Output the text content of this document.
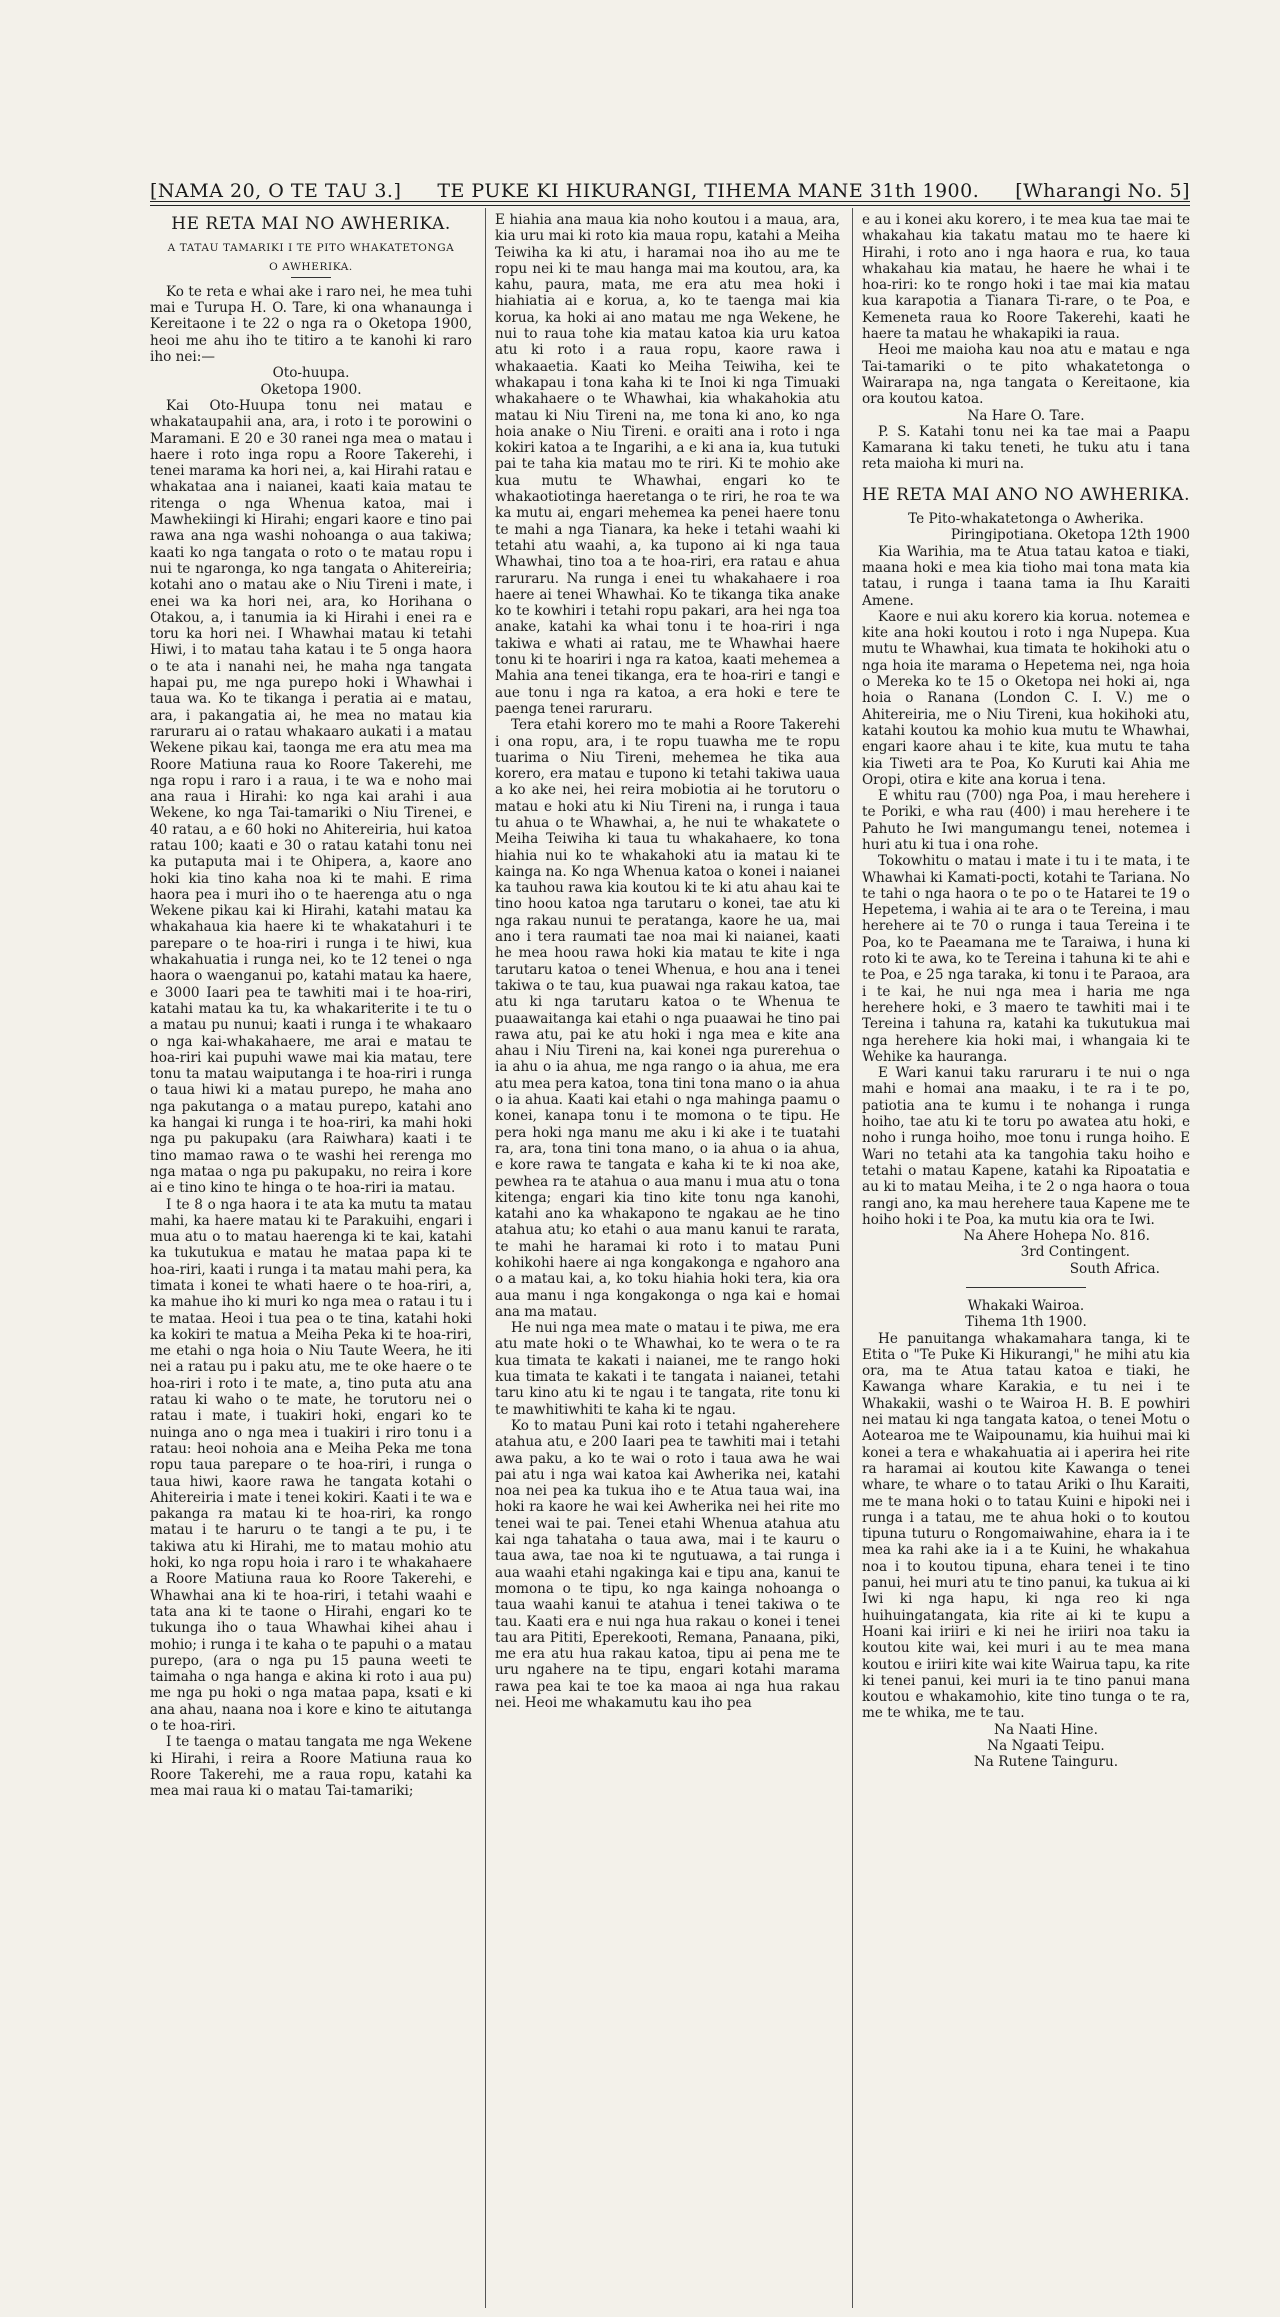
[NAMA 20, O TE TAU 3.] TE PUKE KI HIKURANGI, TIHEMA MANE 31th 1900. [Wharangi No. 5]
HE RETA MAI NO AWHERIKA.
A TATAU TAMARIKI I TE PITO WHAKATETONGA
O AWHERIKA.

Ko te reta e whai ake i raro nei, he mea tuhi mai e Turupa H. O. Tare, ki ona whanaunga i Kereitaone i te 22 o nga ra o Oketopa 1900, heoi me ahu iho te titiro a te kanohi ki raro iho nei:—

Oto-huupa.

Oketopa 1900.

Kai Oto-Huupa tonu nei matau e whakataupahii ana, ara, i roto i te porowini o Maramani. E 20 e 30 ranei nga mea o matau i haere i roto inga ropu a Roore Takerehi, i tenei marama ka hori nei, a, kai Hirahi ratau e whakataa ana i naianei, kaati kaia matau te ritenga o nga Whenua katoa, mai i Mawhekiingi ki Hirahi; engari kaore e tino pai rawa ana nga washi nohoanga o aua takiwa; kaati ko nga tangata o roto o te matau ropu i nui te ngaronga, ko nga tangata o Ahitereiria; kotahi ano o matau ake o Niu Tireni i mate, i enei wa ka hori nei, ara, ko Horihana o Otakou, a, i tanumia ia ki Hirahi i enei ra e toru ka hori nei. I Whawhai matau ki tetahi Hiwi, i to matau taha katau i te 5 onga haora o te ata i nanahi nei, he maha nga tangata hapai pu, me nga purepo hoki i Whawhai i taua wa. Ko te tikanga i peratia ai e matau, ara, i pakangatia ai, he mea no matau kia raruraru ai o ratau whakaaro aukati i a matau Wekene pikau kai, taonga me era atu mea ma Roore Matiuna raua ko Roore Takerehi, me nga ropu i raro i a raua, i te wa e noho mai ana raua i Hirahi: ko nga kai arahi i aua Wekene, ko nga Tai-tamariki o Niu Tirenei, e 40 ratau, a e 60 hoki no Ahitereiria, hui katoa ratau 100; kaati e 30 o ratau katahi tonu nei ka putaputa mai i te Ohipera, a, kaore ano hoki kia tino kaha noa ki te mahi. E rima haora pea i muri iho o te haerenga atu o nga Wekene pikau kai ki Hirahi, katahi matau ka whakahaua kia haere ki te whakatahuri i te parepare o te hoa-riri i runga i te hiwi, kua whakahuatia i runga nei, ko te 12 tenei o nga haora o waenganui po, katahi matau ka haere, e 3000 Iaari pea te tawhiti mai i te hoa-riri, katahi matau ka tu, ka whakariterite i te tu o a matau pu nunui; kaati i runga i te whakaaro o nga kai-whakahaere, me arai e matau te hoa-riri kai pupuhi wawe mai kia matau, tere tonu ta matau waiputanga i te hoa-riri i runga o taua hiwi ki a matau purepo, he maha ano nga pakutanga o a matau purepo, katahi ano ka hangai ki runga i te hoa-riri, ka mahi hoki nga pu pakupaku (ara Raiwhara) kaati i te tino mamao rawa o te washi hei rerenga mo nga mataa o nga pu pakupaku, no reira i kore ai e tino kino te hinga o te hoa-riri ia matau.

I te 8 o nga haora i te ata ka mutu ta matau mahi, ka haere matau ki te Parakuihi, engari i mua atu o to matau haerenga ki te kai, katahi ka tukutukua e matau he mataa papa ki te hoa-riri, kaati i runga i ta matau mahi pera, ka timata i konei te whati haere o te hoa-riri, a, ka mahue iho ki muri ko nga mea o ratau i tu i te mataa. Heoi i tua pea o te tina, katahi hoki ka kokiri te matua a Meiha Peka ki te hoa-riri, me etahi o nga hoia o Niu Taute Weera, he iti nei a ratau pu i paku atu, me te oke haere o te hoa-riri i roto i te mate, a, tino puta atu ana ratau ki waho o te mate, he torutoru nei o ratau i mate, i tuakiri hoki, engari ko te nuinga ano o nga mea i tuakiri i riro tonu i a ratau: heoi nohoia ana e Meiha Peka me tona ropu taua parepare o te hoa-riri, i runga o taua hiwi, kaore rawa he tangata kotahi o Ahitereiria i mate i tenei kokiri. Kaati i te wa e pakanga ra matau ki te hoa-riri, ka rongo matau i te haruru o te tangi a te pu, i te takiwa atu ki Hirahi, me to matau mohio atu hoki, ko nga ropu hoia i raro i te whakahaere a Roore Matiuna raua ko Roore Takerehi, e Whawhai ana ki te hoa-riri, i tetahi waahi e tata ana ki te taone o Hirahi, engari ko te tukunga iho o taua Whawhai kihei ahau i mohio; i runga i te kaha o te papuhi o a matau purepo, (ara o nga pu 15 pauna weeti te taimaha o nga hanga e akina ki roto i aua pu) me nga pu hoki o nga mataa papa, ksati e ki ana ahau, naana noa i kore e kino te aitutanga o te hoa-riri.

I te taenga o matau tangata me nga Wekene ki Hirahi, i reira a Roore Matiuna raua ko Roore Takerehi, me a raua ropu, katahi ka mea mai raua ki o matau Tai-tamariki;

E hiahia ana maua kia noho koutou i a maua, ara, kia uru mai ki roto kia maua ropu, katahi a Meiha Teiwiha ka ki atu, i haramai noa iho au me te ropu nei ki te mau hanga mai ma koutou, ara, ka kahu, paura, mata, me era atu mea hoki i hiahiatia ai e korua, a, ko te taenga mai kia korua, ka hoki ai ano matau me nga Wekene, he nui to raua tohe kia matau katoa kia uru katoa atu ki roto i a raua ropu, kaore rawa i whakaaetia. Kaati ko Meiha Teiwiha, kei te whakapau i tona kaha ki te Inoi ki nga Timuaki whakahaere o te Whawhai, kia whakahokia atu matau ki Niu Tireni na, me tona ki ano, ko nga hoia anake o Niu Tireni. e oraiti ana i roto i nga kokiri katoa a te Ingarihi, a e ki ana ia, kua tutuki pai te taha kia matau mo te riri. Ki te mohio ake kua mutu te Whawhai, engari ko te whakaotiotinga haeretanga o te riri, he roa te wa ka mutu ai, engari mehemea ka penei haere tonu te mahi a nga Tianara, ka heke i tetahi waahi ki tetahi atu waahi, a, ka tupono ai ki nga taua Whawhai, tino toa a te hoa-riri, era ratau e ahua raruraru. Na runga i enei tu whakahaere i roa haere ai tenei Whawhai. Ko te tikanga tika anake ko te kowhiri i tetahi ropu pakari, ara hei nga toa anake, katahi ka whai tonu i te hoa-riri i nga takiwa e whati ai ratau, me te Whawhai haere tonu ki te hoariri i nga ra katoa, kaati mehemea a Mahia ana tenei tikanga, era te hoa-riri e tangi e aue tonu i nga ra katoa, a era hoki e tere te paenga tenei raruraru.

Tera etahi korero mo te mahi a Roore Takerehi i ona ropu, ara, i te ropu tuawha me te ropu tuarima o Niu Tireni, mehemea he tika aua korero, era matau e tupono ki tetahi takiwa uaua a ko ake nei, hei reira mobiotia ai he torutoru o matau e hoki atu ki Niu Tireni na, i runga i taua tu ahua o te Whawhai, a, he nui te whakatete o Meiha Teiwiha ki taua tu whakahaere, ko tona hiahia nui ko te whakahoki atu ia matau ki te kainga na. Ko nga Whenua katoa o konei i naianei ka tauhou rawa kia koutou ki te ki atu ahau kai te tino hoou katoa nga tarutaru o konei, tae atu ki nga rakau nunui te peratanga, kaore he ua, mai ano i tera raumati tae noa mai ki naianei, kaati he mea hoou rawa hoki kia matau te kite i nga tarutaru katoa o tenei Whenua, e hou ana i tenei takiwa o te tau, kua puawai nga rakau katoa, tae atu ki nga tarutaru katoa o te Whenua te puaawaitanga kai etahi o nga puaawai he tino pai rawa atu, pai ke atu hoki i nga mea e kite ana ahau i Niu Tireni na, kai konei nga purerehua o ia ahu o ia ahua, me nga rango o ia ahua, me era atu mea pera katoa, tona tini tona mano o ia ahua o ia ahua. Kaati kai etahi o nga mahinga paamu o konei, kanapa tonu i te momona o te tipu. He pera hoki nga manu me aku i ki ake i te tuatahi ra, ara, tona tini tona mano, o ia ahua o ia ahua, e kore rawa te tangata e kaha ki te ki noa ake, pewhea ra te atahua o aua manu i mua atu o tona kitenga; engari kia tino kite tonu nga kanohi, katahi ano ka whakapono te ngakau ae he tino atahua atu; ko etahi o aua manu kanui te rarata, te mahi he haramai ki roto i to matau Puni kohikohi haere ai nga kongakonga e ngahoro ana o a matau kai, a, ko toku hiahia hoki tera, kia ora aua manu i nga kongakonga o nga kai e homai ana ma matau.

He nui nga mea mate o matau i te piwa, me era atu mate hoki o te Whawhai, ko te wera o te ra kua timata te kakati i naianei, me te rango hoki kua timata te kakati i te tangata i naianei, tetahi taru kino atu ki te ngau i te tangata, rite tonu ki te mawhitiwhiti te kaha ki te ngau.

Ko to matau Puni kai roto i tetahi ngaherehere atahua atu, e 200 Iaari pea te tawhiti mai i tetahi awa paku, a ko te wai o roto i taua awa he wai pai atu i nga wai katoa kai Awherika nei, katahi noa nei pea ka tukua iho e te Atua taua wai, ina hoki ra kaore he wai kei Awherika nei hei rite mo tenei wai te pai. Tenei etahi Whenua atahua atu kai nga tahataha o taua awa, mai i te kauru o taua awa, tae noa ki te ngutuawa, a tai runga i aua waahi etahi ngakinga kai e tipu ana, kanui te momona o te tipu, ko nga kainga nohoanga o taua waahi kanui te atahua i tenei takiwa o te tau. Kaati era e nui nga hua rakau o konei i tenei tau ara Pititi, Eperekooti, Remana, Panaana, piki, me era atu hua rakau katoa, tipu ai pena me te uru ngahere na te tipu, engari kotahi marama rawa pea kai te toe ka maoa ai nga hua rakau nei. Heoi me whakamutu kau iho pea

e au i konei aku korero, i te mea kua tae mai te whakahau kia takatu matau mo te haere ki Hirahi, i roto ano i nga haora e rua, ko taua whakahau kia matau, he haere he whai i te hoa-riri: ko te rongo hoki i tae mai kia matau kua karapotia a Tianara Ti-rare, o te Poa, e Kemeneta raua ko Roore Takerehi, kaati he haere ta matau he whakapiki ia raua.

Heoi me maioha kau noa atu e matau e nga Tai-tamariki o te pito whakatetonga o Wairarapa na, nga tangata o Kereitaone, kia ora koutou katoa.

Na Hare O. Tare.

P. S. Katahi tonu nei ka tae mai a Paapu Kamarana ki taku teneti, he tuku atu i tana reta maioha ki muri na.

HE RETA MAI ANO NO AWHERIKA.

Te Pito-whakatetonga o Awherika.

Piringipotiana. Oketopa 12th 1900

Kia Warihia, ma te Atua tatau katoa e tiaki, maana hoki e mea kia tioho mai tona mata kia tatau, i runga i taana tama ia Ihu Karaiti Amene.

Kaore e nui aku korero kia korua. notemea e kite ana hoki koutou i roto i nga Nupepa. Kua mutu te Whawhai, kua timata te hokihoki atu o nga hoia ite marama o Hepetema nei, nga hoia o Mereka ko te 15 o Oketopa nei hoki ai, nga hoia o Ranana (London C. I. V.) me o Ahitereiria, me o Niu Tireni, kua hokihoki atu, katahi koutou ka mohio kua mutu te Whawhai, engari kaore ahau i te kite, kua mutu te taha kia Tiweti ara te Poa, Ko Kuruti kai Ahia me Oropi, otira e kite ana korua i tena.

E whitu rau (700) nga Poa, i mau herehere i te Poriki, e wha rau (400) i mau herehere i te Pahuto he Iwi mangumangu tenei, notemea i huri atu ki tua i ona rohe.

Tokowhitu o matau i mate i tu i te mata, i te Whawhai ki Kamati-pocti, kotahi te Tariana. No te tahi o nga haora o te po o te Hatarei te 19 o Hepetema, i wahia ai te ara o te Tereina, i mau herehere ai te 70 o runga i taua Tereina i te Poa, ko te Paeamana me te Taraiwa, i huna ki roto ki te awa, ko te Tereina i tahuna ki te ahi e te Poa, e 25 nga taraka, ki tonu i te Paraoa, ara i te kai, he nui nga mea i haria me nga herehere hoki, e 3 maero te tawhiti mai i te Tereina i tahuna ra, katahi ka tukutukua mai nga herehere kia hoki mai, i whangaia ki te Wehike ka hauranga.

E Wari kanui taku raruraru i te nui o nga mahi e homai ana maaku, i te ra i te po, patiotia ana te kumu i te nohanga i runga hoiho, tae atu ki te toru po awatea atu hoki, e noho i runga hoiho, moe tonu i runga hoiho. E Wari no tetahi ata ka tangohia taku hoiho e tetahi o matau Kapene, katahi ka Ripoatatia e au ki to matau Meiha, i te 2 o nga haora o toua rangi ano, ka mau herehere taua Kapene me te hoiho hoki i te Poa, ka mutu kia ora te Iwi.

Na Ahere Hohepa No. 816.

3rd Contingent.

South Africa.

Whakaki Wairoa.

Tihema 1th 1900.

He panuitanga whakamahara tanga, ki te Etita o "Te Puke Ki Hikurangi," he mihi atu kia ora, ma te Atua tatau katoa e tiaki, he Kawanga whare Karakia, e tu nei i te Whakakii, washi o te Wairoa H. B. E powhiri nei matau ki nga tangata katoa, o tenei Motu o Aotearoa me te Waipounamu, kia huihui mai ki konei a tera e whakahuatia ai i aperira hei rite ra haramai ai koutou kite Kawanga o tenei whare, te whare o to tatau Ariki o Ihu Karaiti, me te mana hoki o to tatau Kuini e hipoki nei i runga i a tatau, me te ahua hoki o to koutou tipuna tuturu o Rongomaiwahine, ehara ia i te mea ka rahi ake ia i a te Kuini, he whakahua noa i to koutou tipuna, ehara tenei i te tino panui, hei muri atu te tino panui, ka tukua ai ki Iwi ki nga hapu, ki nga reo ki nga huihuingatangata, kia rite ai ki te kupu a Hoani kai iriiri e ki nei he iriiri noa taku ia koutou kite wai, kei muri i au te mea mana koutou e iriiri kite wai kite Wairua tapu, ka rite ki tenei panui, kei muri ia te tino panui mana koutou e whakamohio, kite tino tunga o te ra, me te whika, me te tau.

Na Naati Hine.

Na Ngaati Teipu.

Na Rutene Tainguru.
